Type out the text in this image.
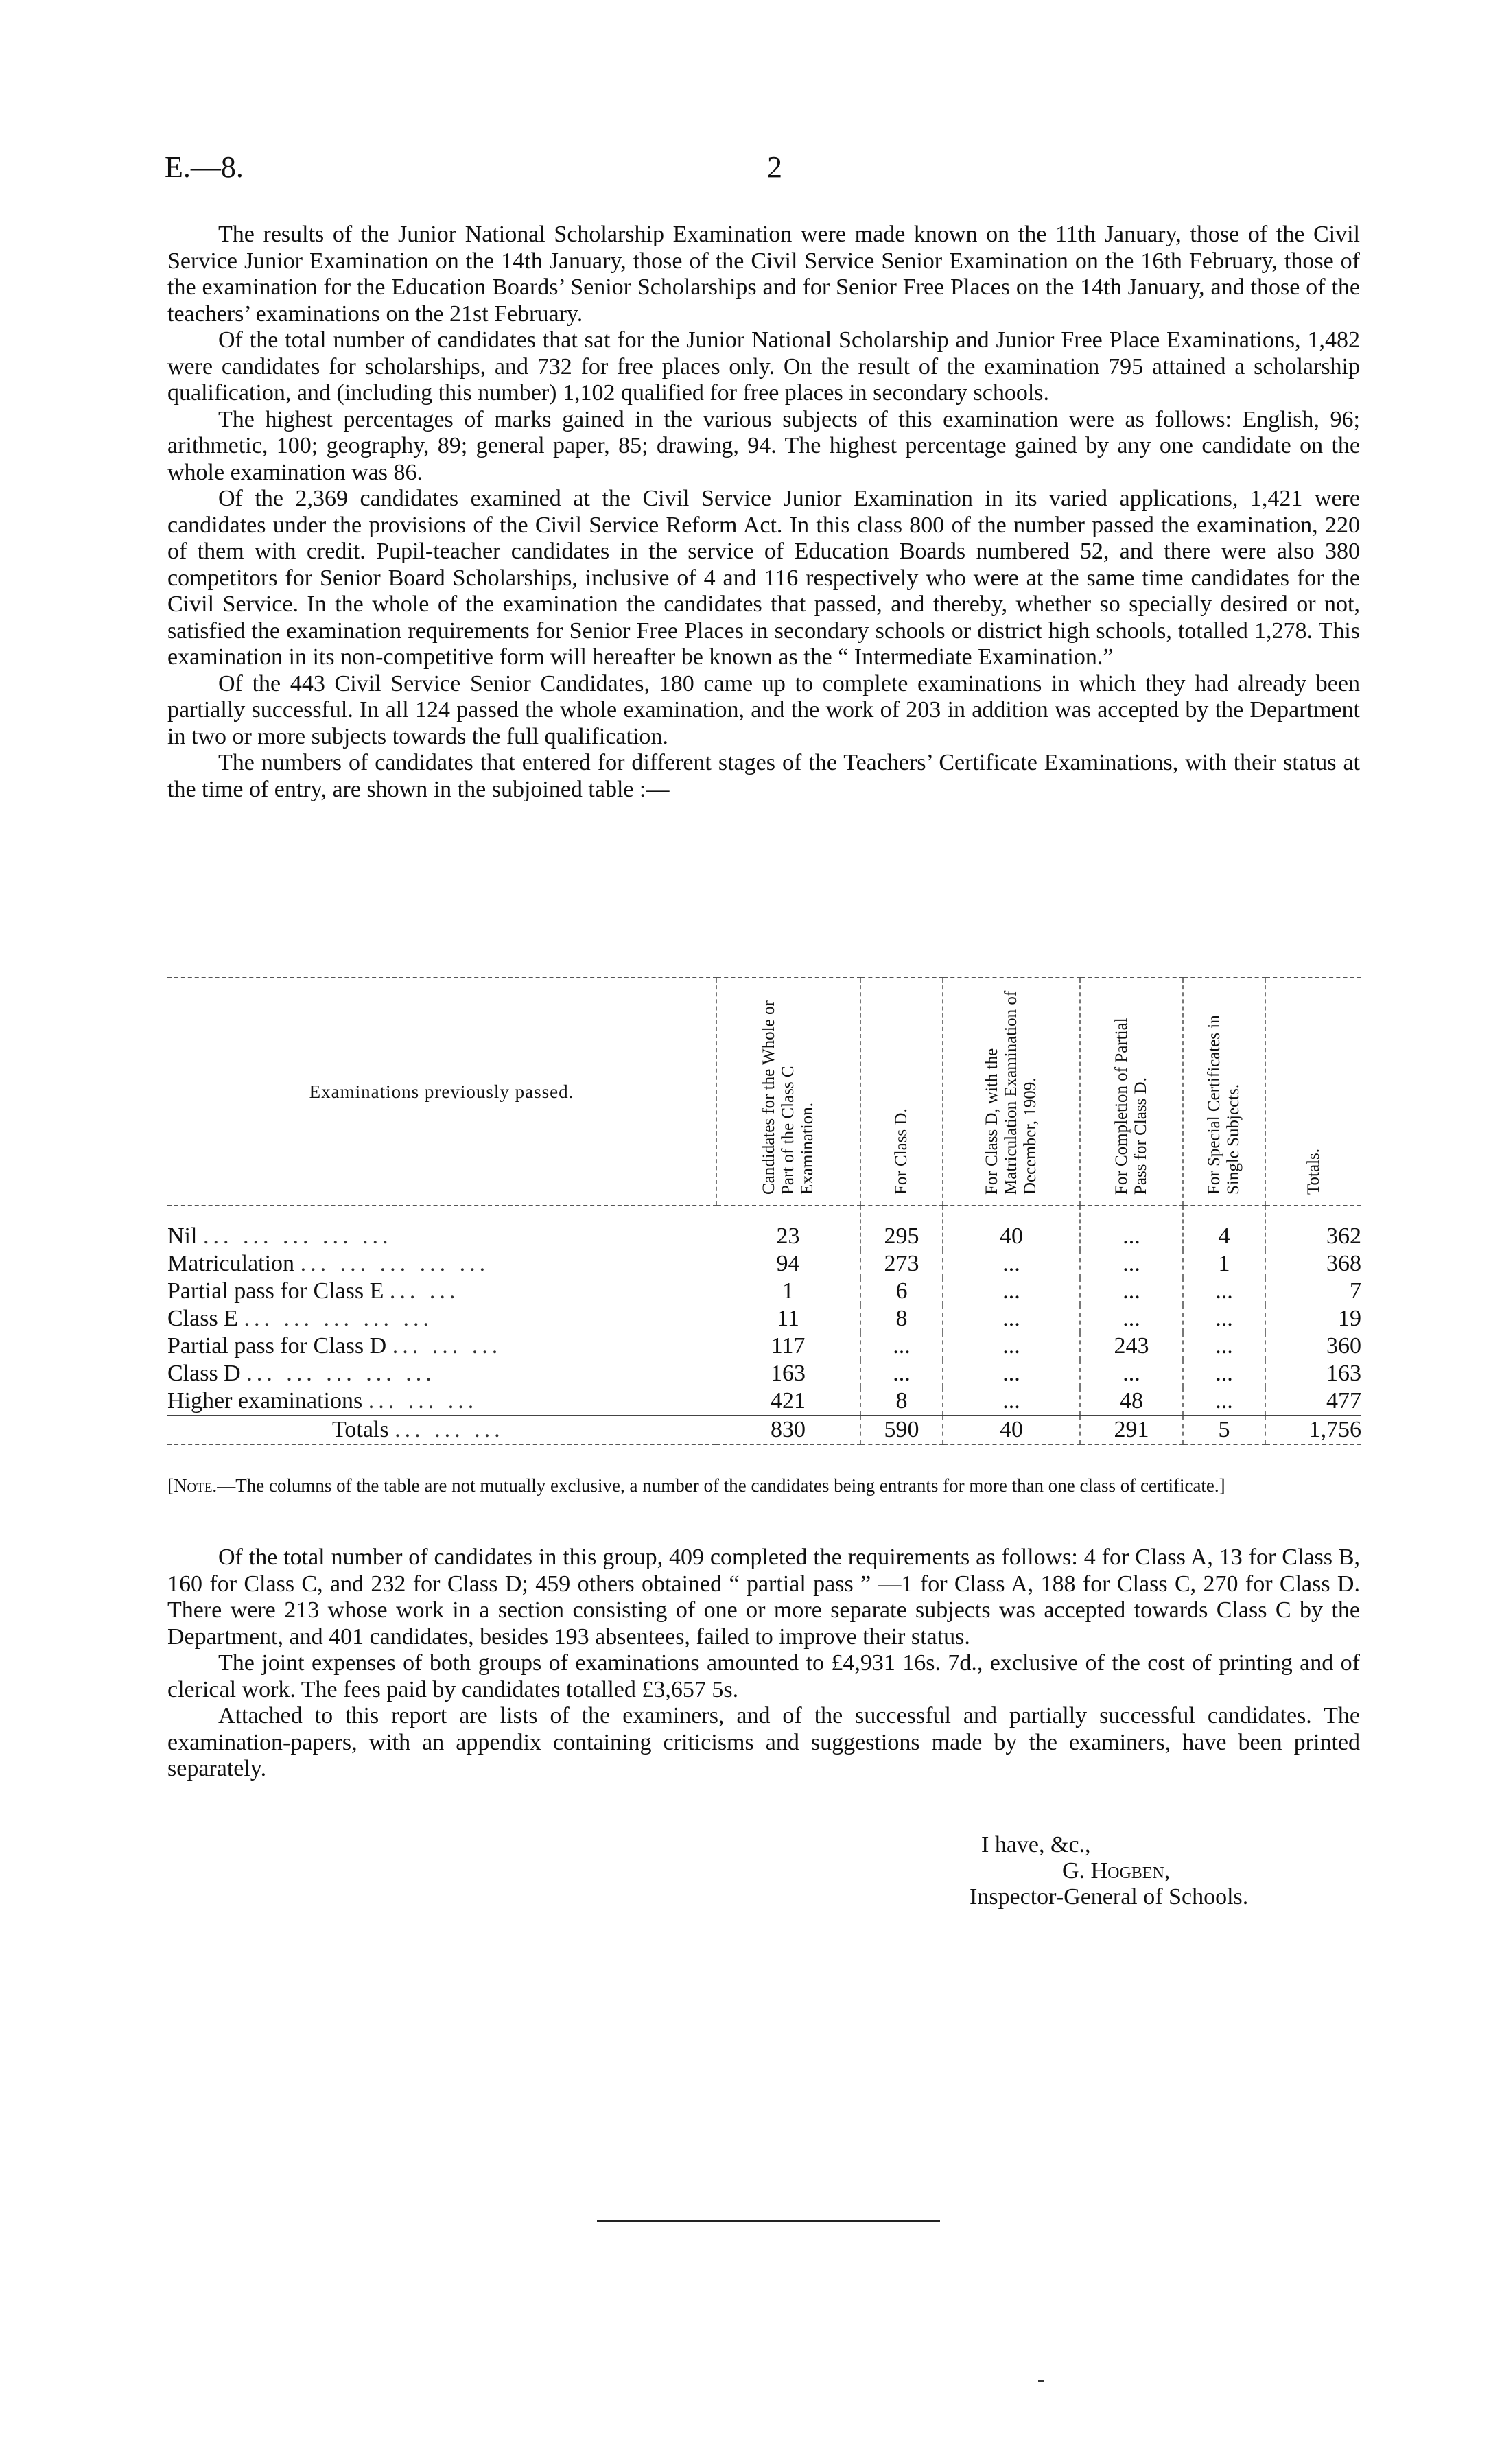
E.—8.	2

The results of the Junior National Scholarship Examination were made known on the 11th January, those of the Civil Service Junior Examination on the 14th January, those of the Civil Service Senior Examination on the 16th February, those of the examination for the Education Boards’ Senior Scholarships and for Senior Free Places on the 14th January, and those of the teachers’ examinations on the 21st February.

Of the total number of candidates that sat for the Junior National Scholarship and Junior Free Place Examinations, 1,482 were candidates for scholarships, and 732 for free places only. On the result of the examination 795 attained a scholarship qualification, and (including this number) 1,102 qualified for free places in secondary schools.

The highest percentages of marks gained in the various subjects of this examination were as follows: English, 96; arithmetic, 100; geography, 89; general paper, 85; drawing, 94. The highest percentage gained by any one candidate on the whole examination was 86.

Of the 2,369 candidates examined at the Civil Service Junior Examination in its varied applications, 1,421 were candidates under the provisions of the Civil Service Reform Act. In this class 800 of the number passed the examination, 220 of them with credit. Pupil-teacher candidates in the service of Education Boards numbered 52, and there were also 380 competitors for Senior Board Scholarships, inclusive of 4 and 116 respectively who were at the same time candidates for the Civil Service. In the whole of the examination the candidates that passed, and thereby, whether so specially desired or not, satisfied the examination requirements for Senior Free Places in secondary schools or district high schools, totalled 1,278. This examination in its non-competitive form will hereafter be known as the “ Intermediate Examination.”

Of the 443 Civil Service Senior Candidates, 180 came up to complete examinations in which they had already been partially successful. In all 124 passed the whole examination, and the work of 203 in addition was accepted by the Department in two or more subjects towards the full qualification.

The numbers of candidates that entered for different stages of the Teachers’ Certificate Examinations, with their status at the time of entry, are shown in the subjoined table :—

Examinations previously passed.	Candidates for the Whole or Part of the Class C Examination.	For Class D.	For Class D, with the Matriculation Examination of December, 1909.	For Completion of Partial Pass for Class D.	For Special Certificates in Single Subjects.	Totals.

Nil ... ... ... ... ...	23	295	40	...	4	362
Matriculation ... ... ... ... ...	94	273	...	...	1	368
Partial pass for Class E ... ...	1	6	...	...	...	7
Class E ... ... ... ... ...	11	8	...	...	...	19
Partial pass for Class D ... ... ...	117	...	...	243	...	360
Class D ... ... ... ... ...	163	...	...	...	...	163
Higher examinations ... ... ...	421	8	...	48	...	477
Totals ... ... ...	830	590	40	291	5	1,756
[Note.—The columns of the table are not mutually exclusive, a number of the candidates being entrants for more than one class of certificate.]

Of the total number of candidates in this group, 409 completed the requirements as follows: 4 for Class A, 13 for Class B, 160 for Class C, and 232 for Class D; 459 others obtained “ partial pass ” —1 for Class A, 188 for Class C, 270 for Class D. There were 213 whose work in a section consisting of one or more separate subjects was accepted towards Class C by the Department, and 401 candidates, besides 193 absentees, failed to improve their status.

The joint expenses of both groups of examinations amounted to £4,931 16s. 7d., exclusive of the cost of printing and of clerical work. The fees paid by candidates totalled £3,657 5s.

Attached to this report are lists of the examiners, and of the successful and partially successful candidates. The examination-papers, with an appendix containing criticisms and suggestions made by the examiners, have been printed separately.

I have, &c.,
G. Hogben,
Inspector-General of Schools.
